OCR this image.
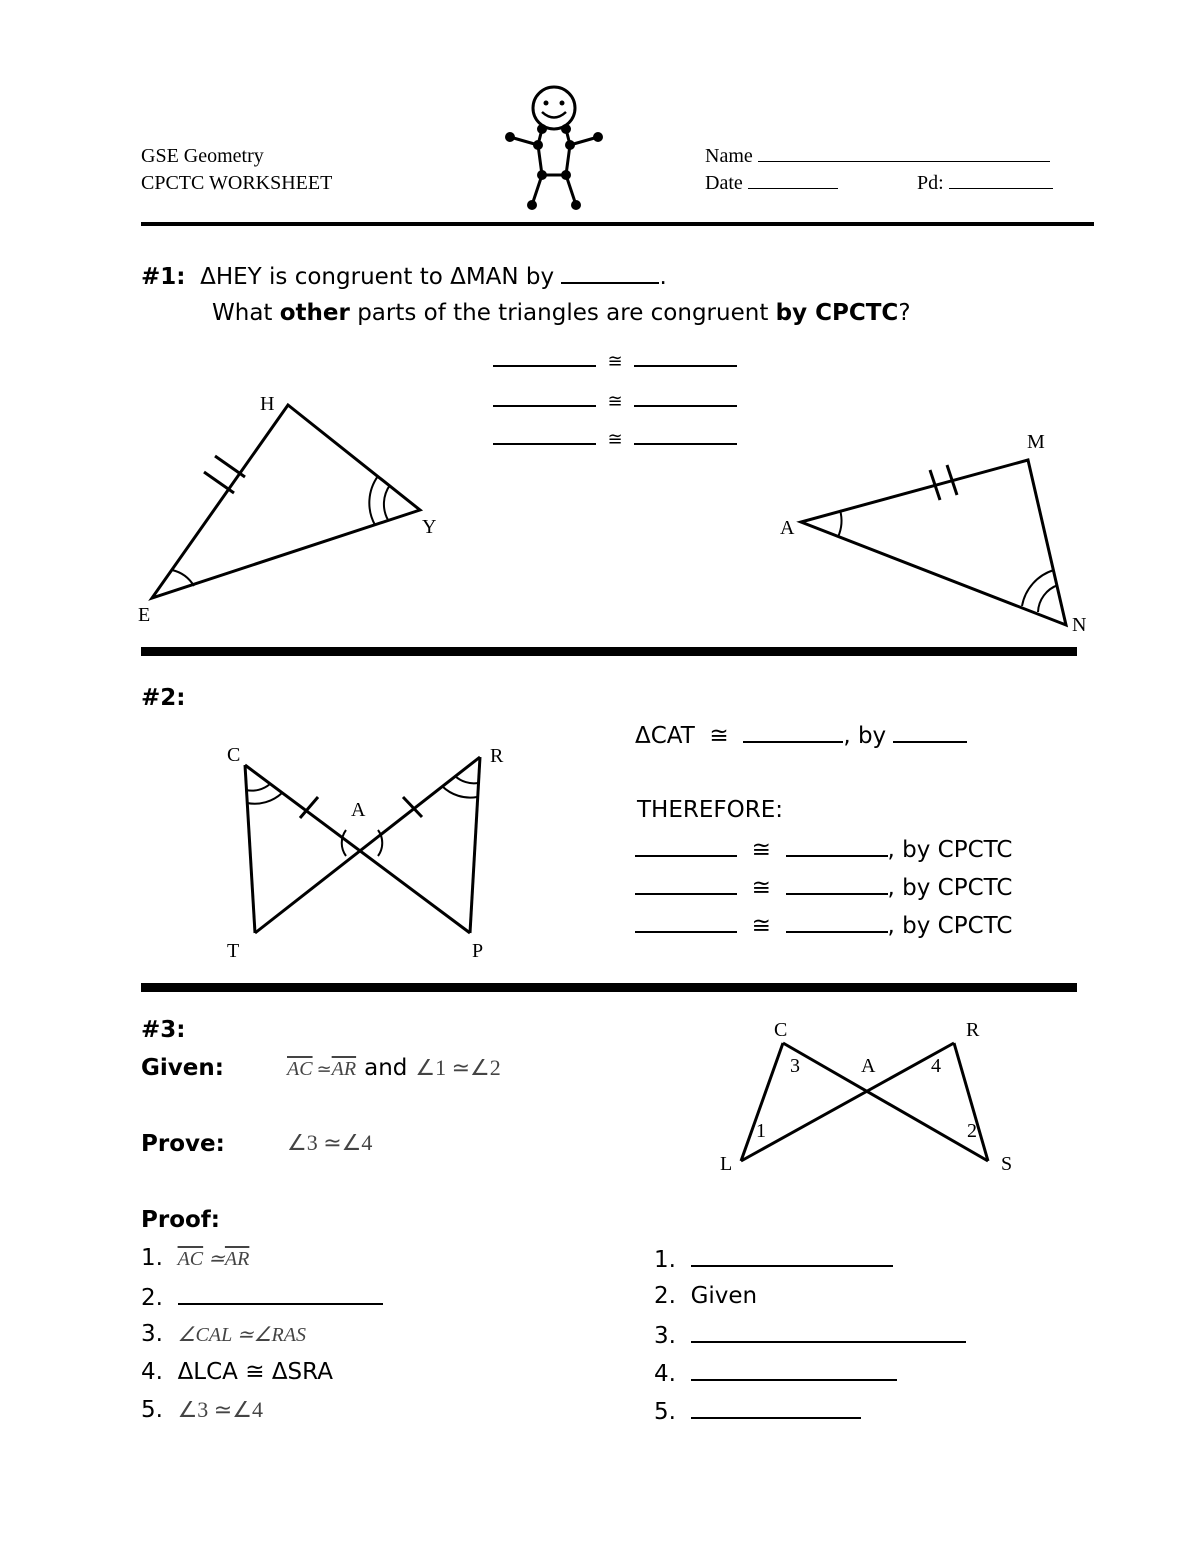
GSE Geometry
CPCTC WORKSHEET
Name
Date	Pd:
#1: ΔHEY is congruent to ΔMAN by	.
What other parts of the triangles are congruent by CPCTC?
≅
≅
≅
H
E
Y
M
A
N
#2:
C	R
A
T	P
ΔCAT ≅	, by
THEREFORE:
≅	, by CPCTC
≅	, by CPCTC
≅	, by CPCTC
#3:
Given:	$\overline{AC}$ $≃\overline{AR}$ and ∠1 ≃∠2
Prove:	∠3 ≃∠4
C	R
A
L	S
3	4
1	2
Proof:
1. $\overline{AC}$ $≃\overline{AR}$
2.
3. ∠CAL ≃∠RAS
4. ΔLCA ≅ ΔSRA
5. ∠3 ≃∠4
1.
2. Given
3.
4.
5.
